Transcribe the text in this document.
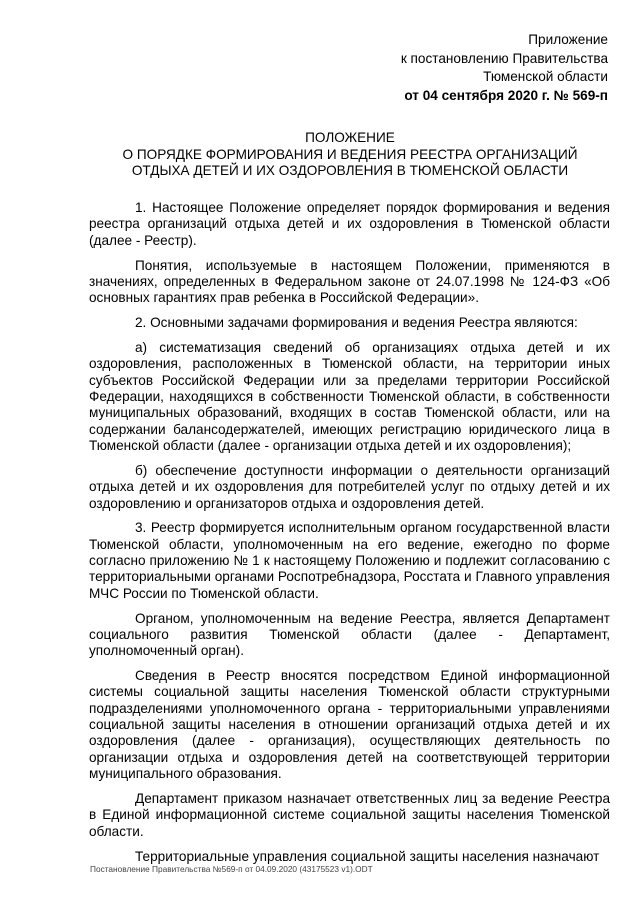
Приложение
к постановлению Правительства
Тюменской области
от 04 сентября 2020 г. № 569-п
ПОЛОЖЕНИЕ
О ПОРЯДКЕ ФОРМИРОВАНИЯ И ВЕДЕНИЯ РЕЕСТРА ОРГАНИЗАЦИЙ
ОТДЫХА ДЕТЕЙ И ИХ ОЗДОРОВЛЕНИЯ В ТЮМЕНСКОЙ ОБЛАСТИ

1. Настоящее Положение определяет порядок формирования и ведения реестра организаций отдыха детей и их оздоровления в Тюменской области (далее - Реестр).

Понятия, используемые в настоящем Положении, применяются в значениях, определенных в Федеральном законе от 24.07.1998 № 124-ФЗ «Об основных гарантиях прав ребенка в Российской Федерации».

2. Основными задачами формирования и ведения Реестра являются:

а) систематизация сведений об организациях отдыха детей и их оздоровления, расположенных в Тюменской области, на территории иных субъектов Российской Федерации или за пределами территории Российской Федерации, находящихся в собственности Тюменской области, в собственности муниципальных образований, входящих в состав Тюменской области, или на содержании балансодержателей, имеющих регистрацию юридического лица в Тюменской области (далее - организации отдыха детей и их оздоровления);

б) обеспечение доступности информации о деятельности организаций отдыха детей и их оздоровления для потребителей услуг по отдыху детей и их оздоровлению и организаторов отдыха и оздоровления детей.

3. Реестр формируется исполнительным органом государственной власти Тюменской области, уполномоченным на его ведение, ежегодно по форме согласно приложению № 1 к настоящему Положению и подлежит согласованию с территориальными органами Роспотребнадзора, Росстата и Главного управления МЧС России по Тюменской области.

Органом, уполномоченным на ведение Реестра, является Департамент социального развития Тюменской области (далее - Департамент, уполномоченный орган).

Сведения в Реестр вносятся посредством Единой информационной системы социальной защиты населения Тюменской области структурными подразделениями уполномоченного органа - территориальными управлениями социальной защиты населения в отношении организаций отдыха детей и их оздоровления (далее - организация), осуществляющих деятельность по организации отдыха и оздоровления детей на соответствующей территории муниципального образования.

Департамент приказом назначает ответственных лиц за ведение Реестра в Единой информационной системе социальной защиты населения Тюменской области.

Территориальные управления социальной защиты населения назначают

Постановление Правительства №569-п от 04.09.2020 (43175523 v1).ODT
